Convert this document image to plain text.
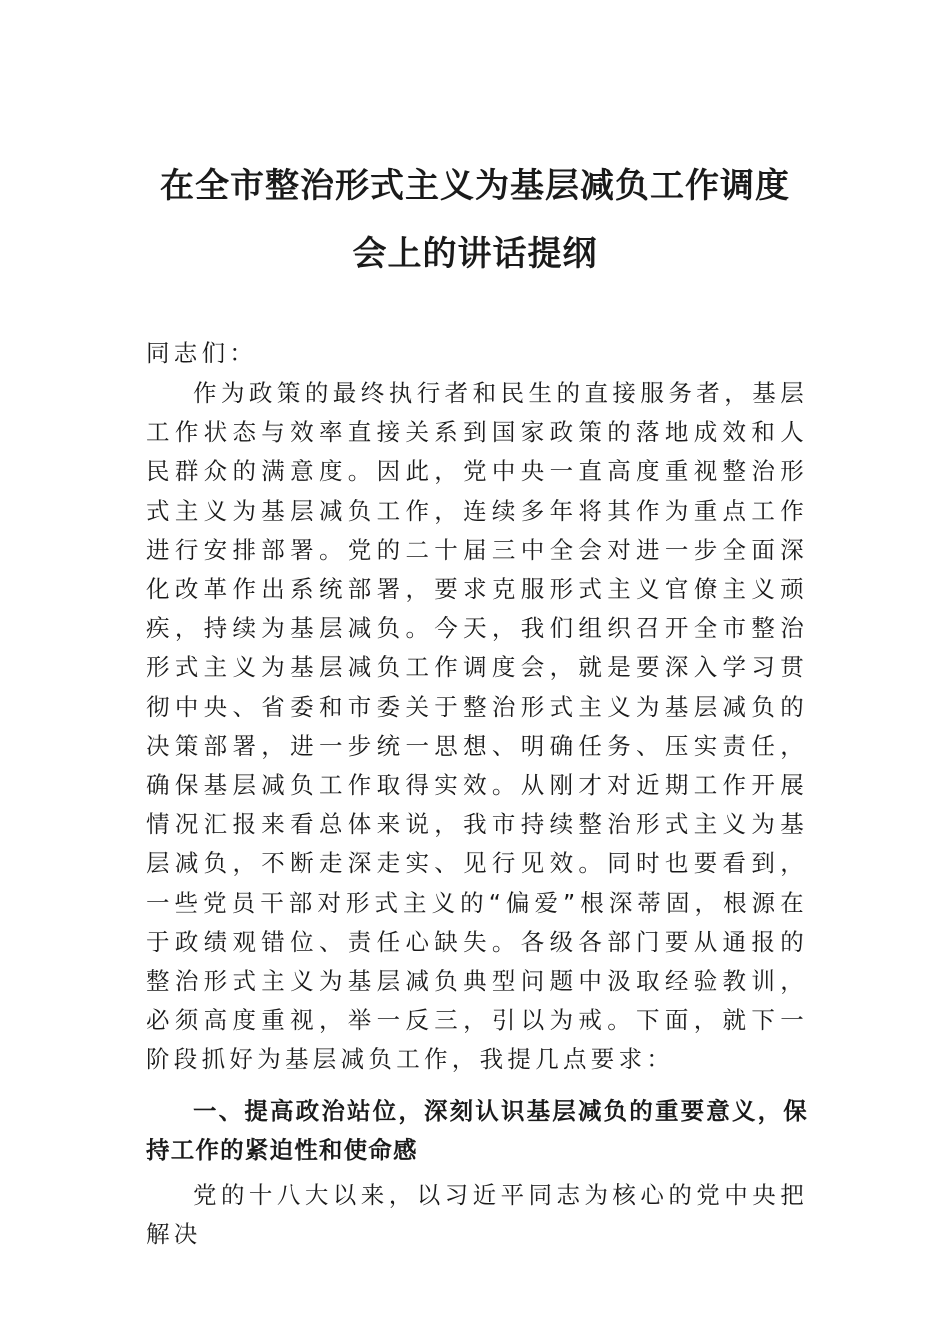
在全市整治形式主义为基层减负工作调度
会上的讲话提纲

同志们：

作为政策的最终执行者和民生的直接服务者，基层工作状态与效率直接关系到国家政策的落地成效和人民群众的满意度。因此，党中央一直高度重视整治形式主义为基层减负工作，连续多年将其作为重点工作进行安排部署。党的二十届三中全会对进一步全面深化改革作出系统部署，要求克服形式主义官僚主义顽疾，持续为基层减负。今天，我们组织召开全市整治形式主义为基层减负工作调度会，就是要深入学习贯彻中央、省委和市委关于整治形式主义为基层减负的决策部署，进一步统一思想、明确任务、压实责任，确保基层减负工作取得实效。从刚才对近期工作开展情况汇报来看总体来说，我市持续整治形式主义为基层减负，不断走深走实、见行见效。同时也要看到，一些党员干部对形式主义的“偏爱”根深蒂固，根源在于政绩观错位、责任心缺失。各级各部门要从通报的整治形式主义为基层减负典型问题中汲取经验教训，必须高度重视，举一反三，引以为戒。下面，就下一阶段抓好为基层减负工作，我提几点要求：

一、提高政治站位，深刻认识基层减负的重要意义，保持工作的紧迫性和使命感

党的十八大以来，以习近平同志为核心的党中央把解决
